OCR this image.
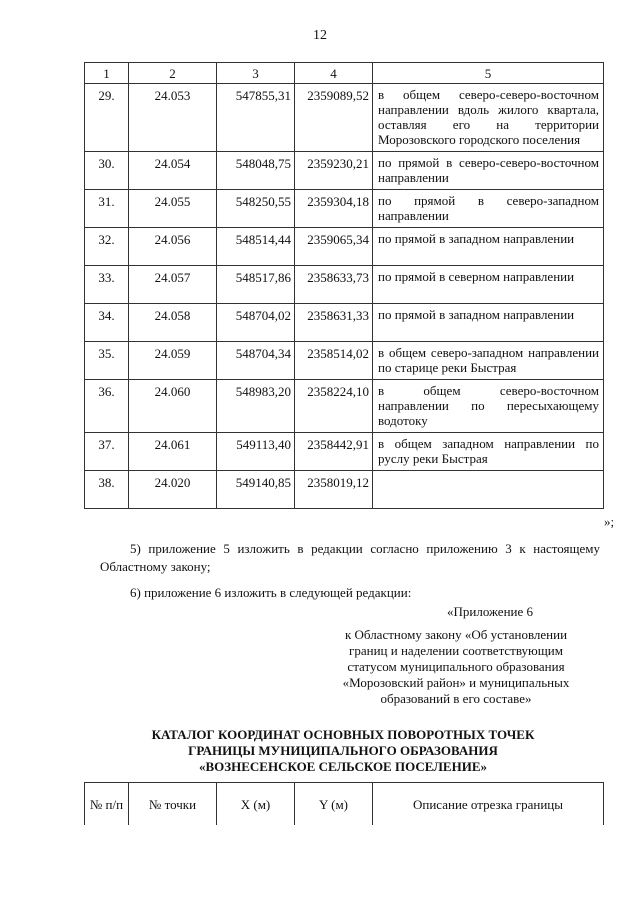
12
1	2	3	4	5
29.	24.053	547855,31	2359089,52	в общем северо-северо-восточном направлении вдоль жилого квартала, оставляя его на территории Морозовского городского поселения
30.	24.054	548048,75	2359230,21	по прямой в северо-северо-восточном направлении
31.	24.055	548250,55	2359304,18	по прямой в северо-западном направлении
32.	24.056	548514,44	2359065,34	по прямой в западном направлении
33.	24.057	548517,86	2358633,73	по прямой в северном направлении
34.	24.058	548704,02	2358631,33	по прямой в западном направлении
35.	24.059	548704,34	2358514,02	в общем северо-западном направлении по старице реки Быстрая
36.	24.060	548983,20	2358224,10	в общем северо-восточном направлении по пересыхающему водотоку
37.	24.061	549113,40	2358442,91	в общем западном направлении по руслу реки Быстрая
38.	24.020	549140,85	2358019,12	
»;
5) приложение 5 изложить в редакции согласно приложению 3 к настоящему Областному закону;
6) приложение 6 изложить в следующей редакции:
«Приложение 6
к Областному закону «Об установлении
границ и наделении соответствующим
статусом муниципального образования
«Морозовский район» и муниципальных
образований в его составе»
КАТАЛОГ КООРДИНАТ ОСНОВНЫХ ПОВОРОТНЫХ ТОЧЕК
ГРАНИЦЫ МУНИЦИПАЛЬНОГО ОБРАЗОВАНИЯ
«ВОЗНЕСЕНСКОЕ СЕЛЬСКОЕ ПОСЕЛЕНИЕ»
№ п/п	№ точки	X (м)	Y (м)	Описание отрезка границы
